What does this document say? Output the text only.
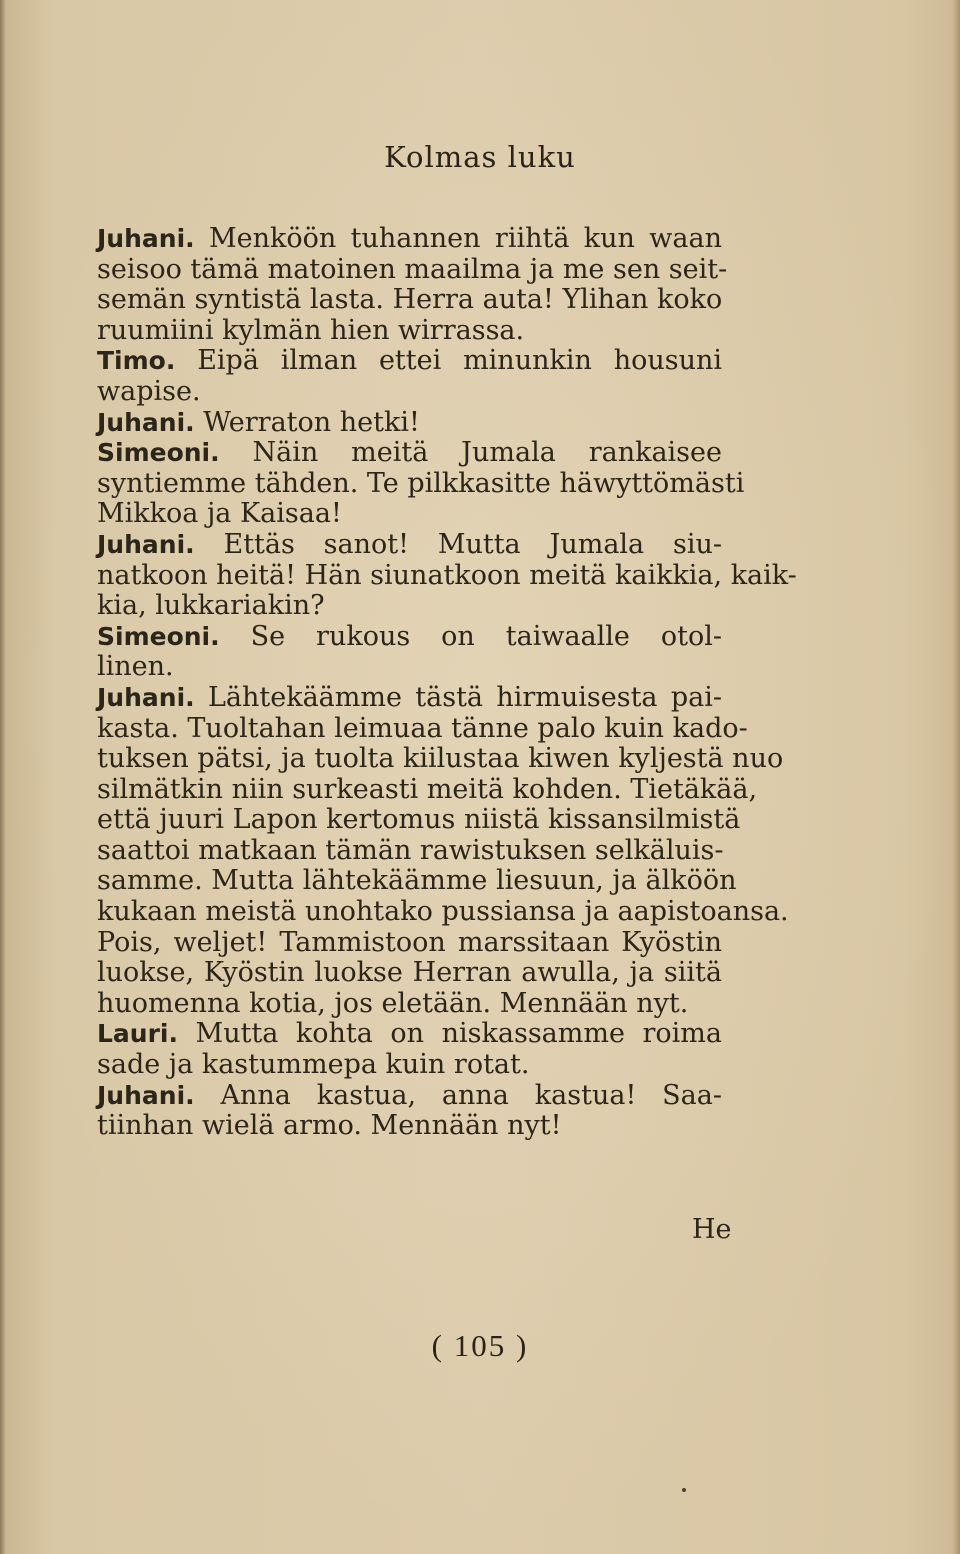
Kolmas luku
Juhani. Menköön tuhannen riihtä kun waan
seisoo tämä matoinen maailma ja me sen seit-
semän syntistä lasta. Herra auta! Ylihan koko
ruumiini kylmän hien wirrassa.
Timo. Eipä ilman ettei minunkin housuni
wapise.
Juhani. Werraton hetki!
Simeoni. Näin meitä Jumala rankaisee
syntiemme tähden. Te pilkkasitte häwyttömästi
Mikkoa ja Kaisaa!
Juhani. Ettäs sanot! Mutta Jumala siu-
natkoon heitä! Hän siunatkoon meitä kaikkia, kaik-
kia, lukkariakin?
Simeoni. Se rukous on taiwaalle otol-
linen.
Juhani. Lähtekäämme tästä hirmuisesta pai-
kasta. Tuoltahan leimuaa tänne palo kuin kado-
tuksen pätsi, ja tuolta kiilustaa kiwen kyljestä nuo
silmätkin niin surkeasti meitä kohden. Tietäkää,
että juuri Lapon kertomus niistä kissansilmistä
saattoi matkaan tämän rawistuksen selkäluis-
samme. Mutta lähtekäämme liesuun, ja älköön
kukaan meistä unohtako pussiansa ja aapistoansa.
Pois, weljet! Tammistoon marssitaan Kyöstin
luokse, Kyöstin luokse Herran awulla, ja siitä
huomenna kotia, jos eletään. Mennään nyt.
Lauri. Mutta kohta on niskassamme roima
sade ja kastummepa kuin rotat.
Juhani. Anna kastua, anna kastua! Saa-
tiinhan wielä armo. Mennään nyt!
He
( 105 )
